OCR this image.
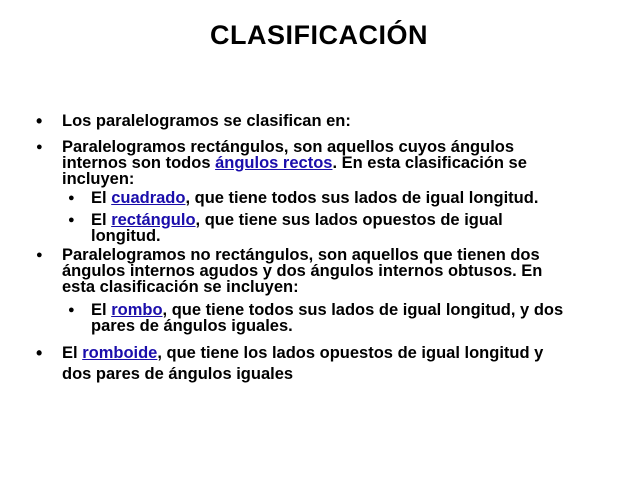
CLASIFICACIÓN
• Los paralelogramos se clasifican en:
● Paralelogramos rectángulos, son aquellos cuyos ángulos
internos son todos ángulos rectos. En esta clasificación se
incluyen:
● El cuadrado, que tiene todos sus lados de igual longitud.
● El rectángulo, que tiene sus lados opuestos de igual
longitud.
● Paralelogramos no rectángulos, son aquellos que tienen dos
ángulos internos agudos y dos ángulos internos obtusos. En
esta clasificación se incluyen:
● El rombo, que tiene todos sus lados de igual longitud, y dos
pares de ángulos iguales.
• El romboide, que tiene los lados opuestos de igual longitud y
dos pares de ángulos iguales
